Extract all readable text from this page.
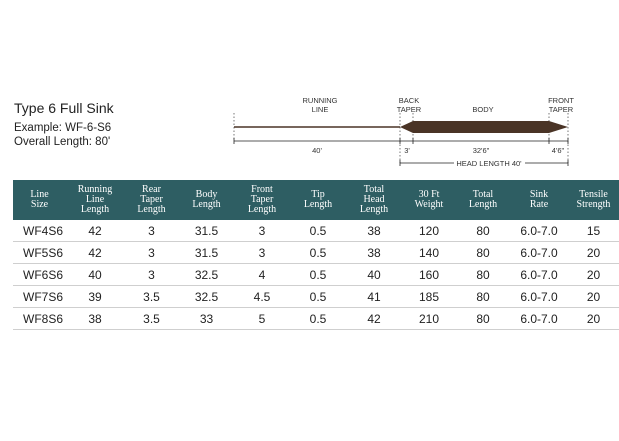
Type 6 Full Sink
Example: WF-6-S6
Overall Length: 80'
RUNNING
LINE
BACK
TAPER	BODY
FRONT
TAPER
40'	3'	32'6"	4'6"
HEAD LENGTH 40'
Line
Size	Running
Line
Length	Rear
Taper
Length	Body
Length	Front
Taper
Length	Tip
Length	Total
Head
Length	30 Ft
Weight	Total
Length	Sink
Rate	Tensile
Strength
WF4S6	42	3	31.5	3	0.5	38	120	80	6.0-7.0	15
WF5S6	42	3	31.5	3	0.5	38	140	80	6.0-7.0	20
WF6S6	40	3	32.5	4	0.5	40	160	80	6.0-7.0	20
WF7S6	39	3.5	32.5	4.5	0.5	41	185	80	6.0-7.0	20
WF8S6	38	3.5	33	5	0.5	42	210	80	6.0-7.0	20
